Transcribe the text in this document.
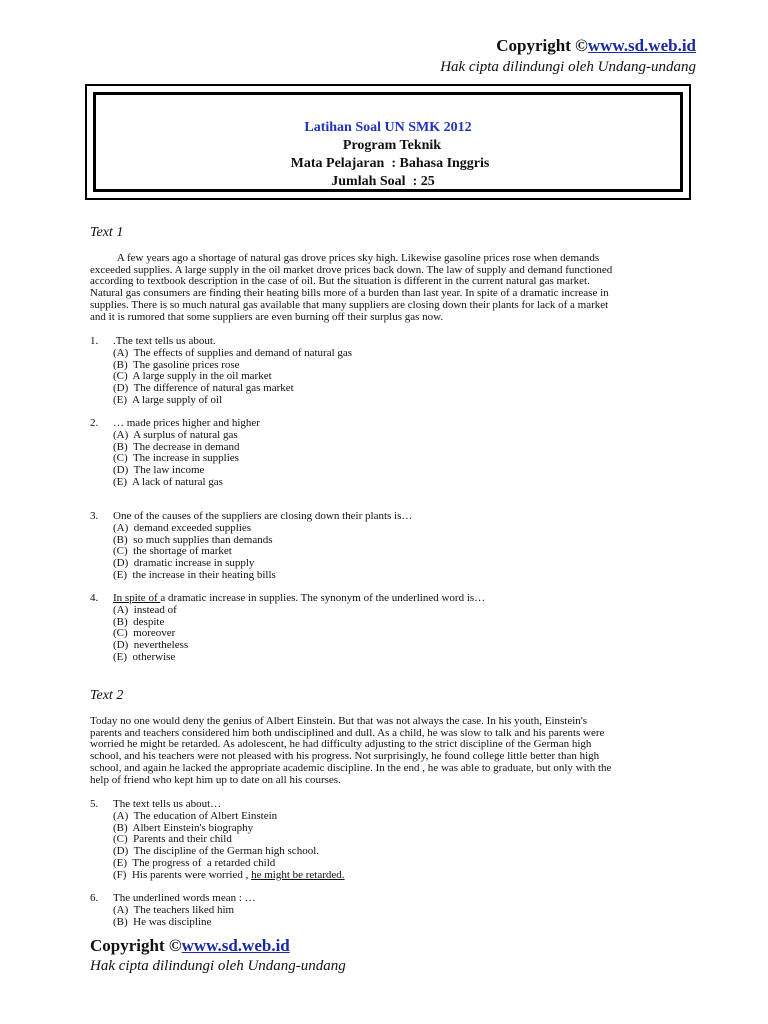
Copyright ©www.sd.web.id
Hak cipta dilindungi oleh Undang-undang
Latihan Soal UN SMK 2012
Program Teknik
Mata Pelajaran  : Bahasa Inggris
Jumlah Soal  : 25
Text 1
A few years ago a shortage of natural gas drove prices sky high. Likewise gasoline prices rose when demands
exceeded supplies. A large supply in the oil market drove prices back down. The law of supply and demand functioned
according to textbook description in the case of oil. But the situation is different in the current natural gas market.
Natural gas consumers are finding their heating bills more of a burden than last year. In spite of a dramatic increase in
supplies. There is so much natural gas available that many suppliers are closing down their plants for lack of a market
and it is rumored that some suppliers are even burning off their surplus gas now.
1. .The text tells us about.
(A)  The effects of supplies and demand of natural gas
(B)  The gasoline prices rose
(C)  A large supply in the oil market
(D)  The difference of natural gas market
(E)  A large supply of oil
2. … made prices higher and higher
(A)  A surplus of natural gas
(B)  The decrease in demand
(C)  The increase in supplies
(D)  The law income
(E)  A lack of natural gas
3. One of the causes of the suppliers are closing down their plants is…
(A)  demand exceeded supplies
(B)  so much supplies than demands
(C)  the shortage of market
(D)  dramatic increase in supply
(E)  the increase in their heating bills
4. In spite of a dramatic increase in supplies. The synonym of the underlined word is…
(A)  instead of
(B)  despite
(C)  moreover
(D)  nevertheless
(E)  otherwise
Text 2
Today no one would deny the genius of Albert Einstein. But that was not always the case. In his youth, Einstein's
parents and teachers considered him both undisciplined and dull. As a child, he was slow to talk and his parents were
worried he might be retarded. As adolescent, he had difficulty adjusting to the strict discipline of the German high
school, and his teachers were not pleased with his progress. Not surprisingly, he found college little better than high
school, and again he lacked the appropriate academic discipline. In the end , he was able to graduate, but only with the
help of friend who kept him up to date on all his courses.
5. The text tells us about…
(A)  The education of Albert Einstein
(B)  Albert Einstein's biography
(C)  Parents and their child
(D)  The discipline of the German high school.
(E)  The progress of  a retarded child
(F)  His parents were worried , he might be retarded.
6. The underlined words mean : …
(A)  The teachers liked him
(B)  He was discipline
Copyright ©www.sd.web.id
Hak cipta dilindungi oleh Undang-undang
